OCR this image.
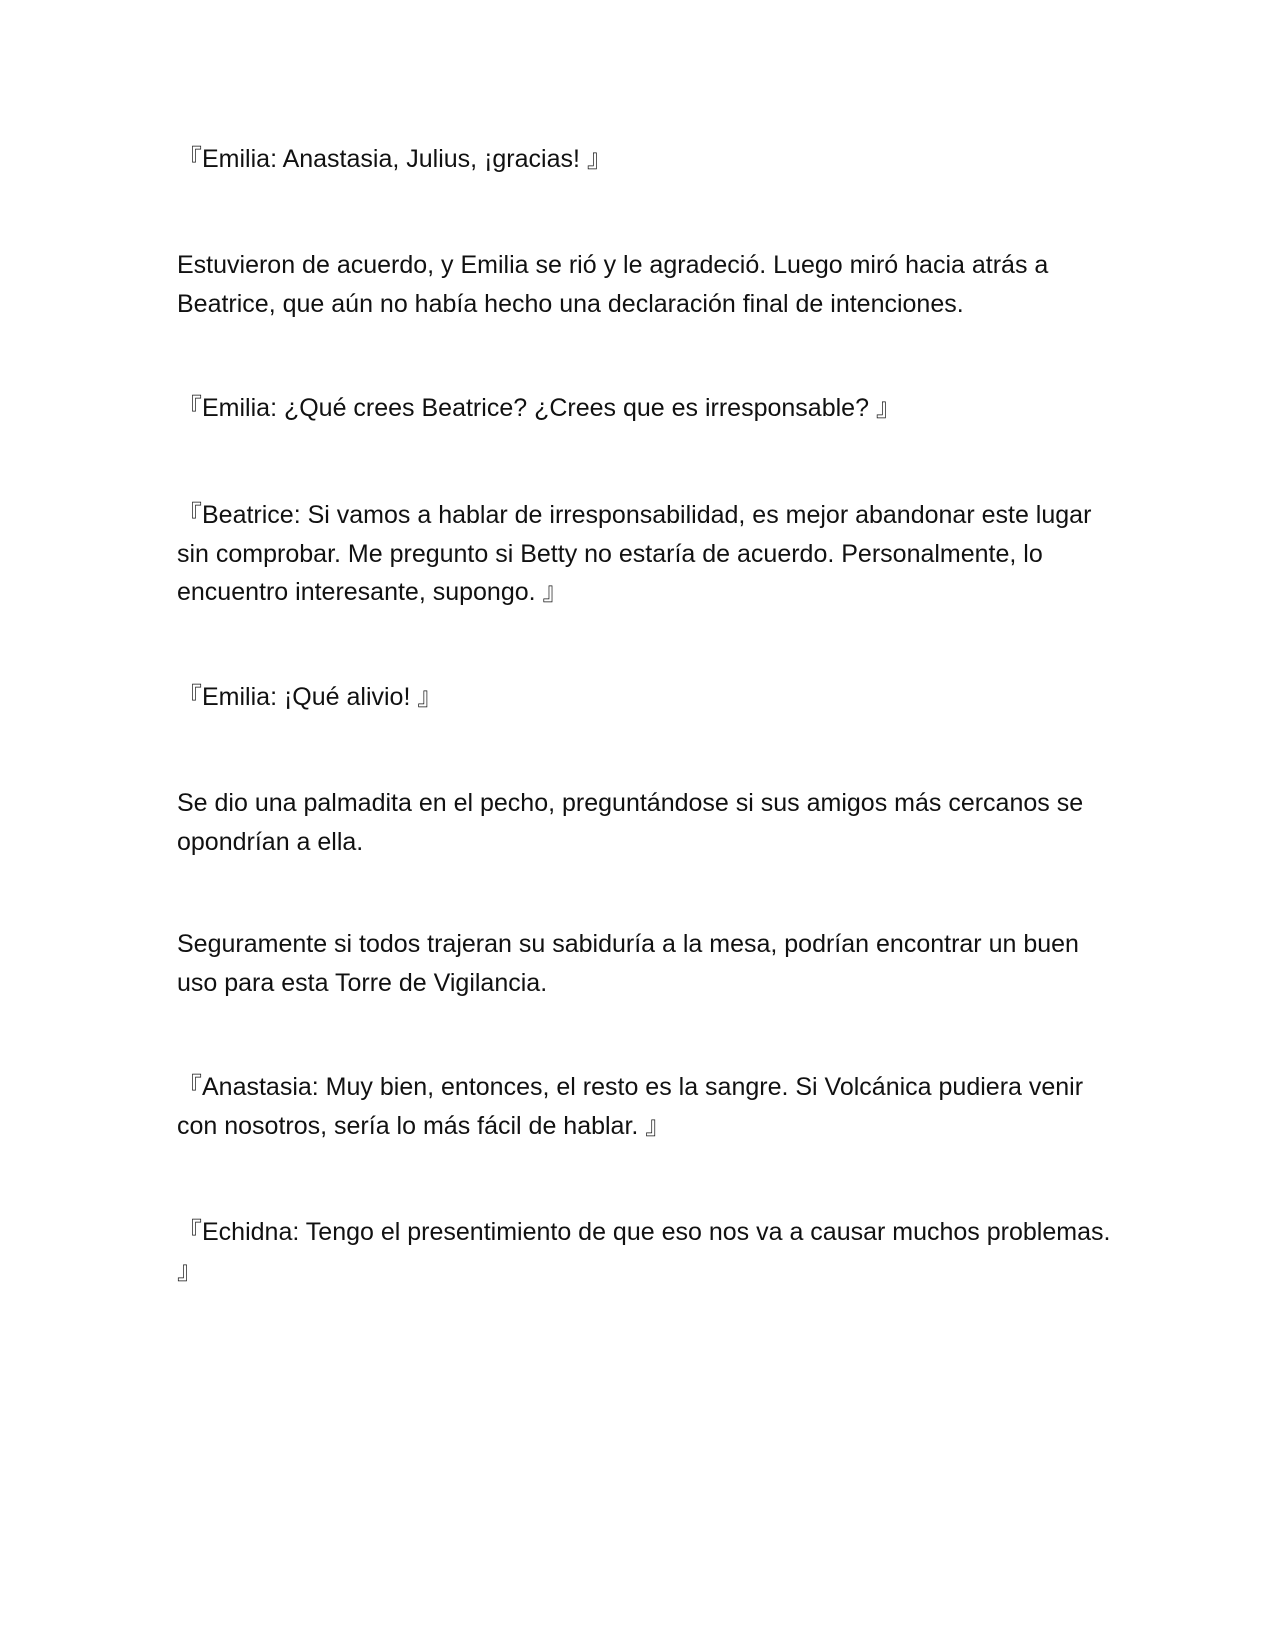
『Emilia: Anastasia, Julius, ¡gracias! 』

Estuvieron de acuerdo, y Emilia se rió y le agradeció. Luego miró hacia atrás a Beatrice, que aún no había hecho una declaración final de intenciones.

『Emilia: ¿Qué crees Beatrice? ¿Crees que es irresponsable? 』

『Beatrice: Si vamos a hablar de irresponsabilidad, es mejor abandonar este lugar sin comprobar. Me pregunto si Betty no estaría de acuerdo. Personalmente, lo encuentro interesante, supongo. 』

『Emilia: ¡Qué alivio! 』

Se dio una palmadita en el pecho, preguntándose si sus amigos más cercanos se opondrían a ella.

Seguramente si todos trajeran su sabiduría a la mesa, podrían encontrar un buen uso para esta Torre de Vigilancia.

『Anastasia: Muy bien, entonces, el resto es la sangre. Si Volcánica pudiera venir con nosotros, sería lo más fácil de hablar. 』

『Echidna: Tengo el presentimiento de que eso nos va a causar muchos problemas. 』
